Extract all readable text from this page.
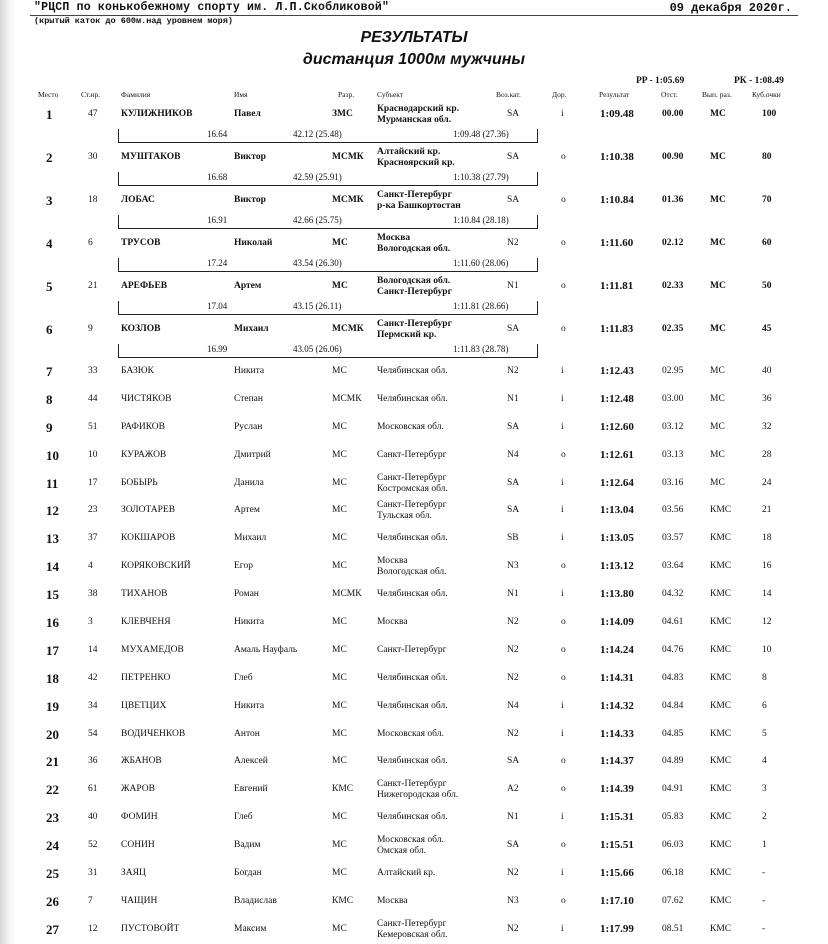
"РЦСП по конькобежному спорту им. Л.П.Скобликовой"	09 декабря 2020г.
(крытый каток до 600м.над уровнем моря)
РЕЗУЛЬТАТЫ
дистанция 1000м мужчины
PP - 1:05.69	РК - 1:08.49
Место	Ст.нр.	Фамилия	Имя	Разр.	Субъект	Воз.кат.	Дор.	Результат	Отст.	Вып. раз.	Куб.очки
1	47 КУЛИЖНИКОВ	Павел	ЗМС	Краснодарский кр.
Мурманская обл.
SA	i	1:09.48	00.00	МС	100
16.64	42.12 (25.48)	1:09.48 (27.36)
2	30 МУШТАКОВ	Виктор	МСМК Алтайский кр.
Красноярский кр.
SA	o	1:10.38	00.90	МС	80
16.68	42.59 (25.91)	1:10.38 (27.79)
3	18 ЛОБАС	Виктор	МСМК Санкт-Петербург
р-ка Башкортостан
SA	o	1:10.84	01.36	МС	70
16.91	42.66 (25.75)	1:10.84 (28.18)
4	6	ТРУСОВ	Николай	МС	Москва
Вологодская обл.
N2	o	1:11.60	02.12	МС	60
17.24	43.54 (26.30)	1:11.60 (28.06)
5	21 АРЕФЬЕВ	Артем	МС	Вологодская обл.
Санкт-Петербург
N1	o	1:11.81	02.33	МС	50
17.04	43.15 (26.11)	1:11.81 (28.66)
6	9	КОЗЛОВ	Михаил	МСМК Санкт-Петербург
Пермский кр.
SA	o	1:11.83	02.35	МС	45
16.99	43.05 (26.06)	1:11.83 (28.78)
7	33 БАЗЮК	Никита	МС	Челябинская обл.	N2	i	1:12.43	02.95	МС	40
8	44 ЧИСТЯКОВ	Степан	МСМК Челябинская обл.	N1	i	1:12.48	03.00	МС	36
9	51 РАФИКОВ	Руслан	МС	Московская обл.	SA	i	1:12.60	03.12	МС	32
10	10 КУРАЖОВ	Дмитрий	МС	Санкт-Петербург	N4	o	1:12.61	03.13	МС	28
11	17 БОБЫРЬ	Данила	МС	Санкт-Петербург
Костромская обл.
SA	i	1:12.64	03.16	МС	24
12	23 ЗОЛОТАРЕВ	Артем	МС	Санкт-Петербург
Тульская обл.
SA	i	1:13.04	03.56	КМС	21
13	37 КОКШАРОВ	Михаил	МС	Челябинская обл.	SB	i	1:13.05	03.57	КМС	18
14	4	КОРЯКОВСКИЙ	Егор	МС	Москва
Вологодская обл.
N3	o	1:13.12	03.64	КМС	16
15	38 ТИХАНОВ	Роман	МСМК Челябинская обл.	N1	i	1:13.80	04.32	КМС	14
16	3	КЛЕВЧЕНЯ	Никита	МС	Москва	N2	o	1:14.09	04.61	КМС	12
17	14 МУХАМЕДОВ	Амаль Науфаль	МС	Санкт-Петербург	N2	o	1:14.24	04.76	КМС	10
18	42 ПЕТРЕНКО	Глеб	МС	Челябинская обл.	N2	o	1:14.31	04.83	КМС	8
19	34 ЦВЕТЦИХ	Никита	МС	Челябинская обл.	N4	i	1:14.32	04.84	КМС	6
20	54 ВОДИЧЕНКОВ	Антон	МС	Московская обл.	N2	i	1:14.33	04.85	КМС	5
21	36 ЖБАНОВ	Алексей	МС	Челябинская обл.	SA	o	1:14.37	04.89	КМС	4
22	61 ЖАРОВ	Евгений	КМС	Санкт-Петербург
Нижегородская обл.
A2	o	1:14.39	04.91	КМС	3
23	40 ФОМИН	Глеб	МС	Челябинская обл.	N1	i	1:15.31	05.83	КМС	2
24	52 СОНИН	Вадим	МС	Московская обл.
Омская обл.
SA	o	1:15.51	06.03	КМС	1
25	31 ЗАЯЦ	Богдан	МС	Алтайский кр.	N2	i	1:15.66	06.18	КМС	-
26	7	ЧАЩИН	Владислав	КМС	Москва	N3	o	1:17.10	07.62	КМС	-
27	12 ПУСТОВОЙТ	Максим	МС	Санкт-Петербург
Кемеровская обл.
N2	i	1:17.99	08.51	КМС	-
